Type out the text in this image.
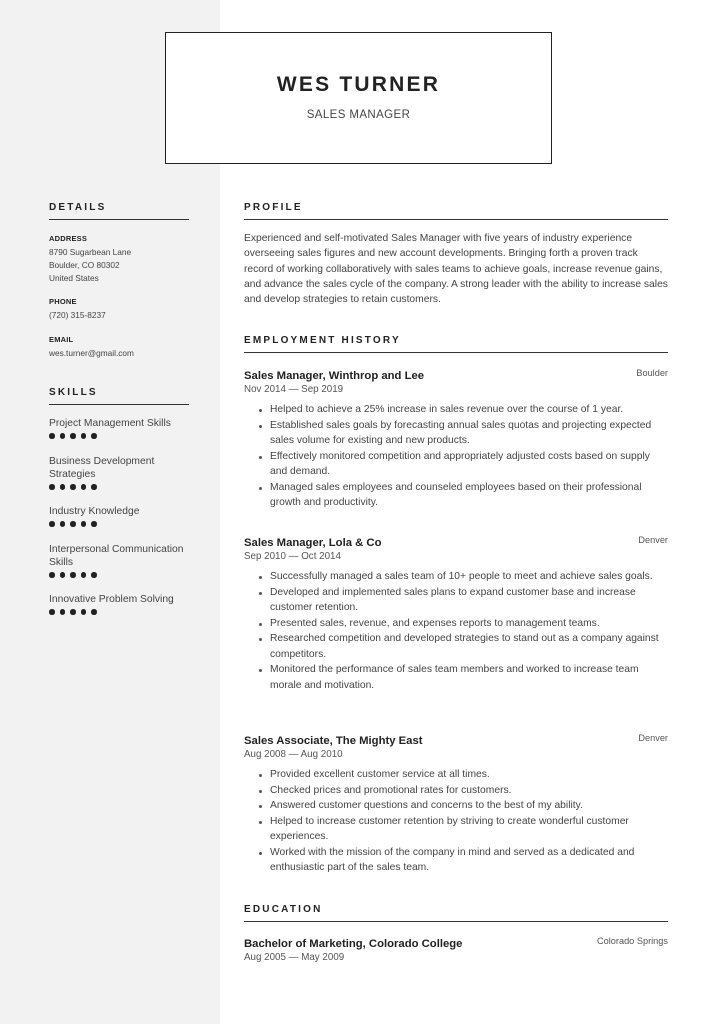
WES TURNER
SALES MANAGER
DETAILS
ADDRESS
8790 Sugarbean Lane
Boulder, CO 80302
United States
PHONE
(720) 315-8237
EMAIL
wes.turner@gmail.com
SKILLS
Project Management Skills
Business Development Strategies
Industry Knowledge
Interpersonal Communication Skills
Innovative Problem Solving
PROFILE
Experienced and self-motivated Sales Manager with five years of industry experience overseeing sales figures and new account developments. Bringing forth a proven track record of working collaboratively with sales teams to achieve goals, increase revenue gains, and advance the sales cycle of the company. A strong leader with the ability to increase sales and develop strategies to retain customers.
EMPLOYMENT HISTORY
Sales Manager, Winthrop and Lee	Boulder
Nov 2014 — Sep 2019
Helped to achieve a 25% increase in sales revenue over the course of 1 year.
Established sales goals by forecasting annual sales quotas and projecting expected sales volume for existing and new products.
Effectively monitored competition and appropriately adjusted costs based on supply and demand.
Managed sales employees and counseled employees based on their professional growth and productivity.
Sales Manager, Lola & Co	Denver
Sep 2010 — Oct 2014
Successfully managed a sales team of 10+ people to meet and achieve sales goals.
Developed and implemented sales plans to expand customer base and increase customer retention.
Presented sales, revenue, and expenses reports to management teams.
Researched competition and developed strategies to stand out as a company against competitors.
Monitored the performance of sales team members and worked to increase team morale and motivation.
Sales Associate, The Mighty East	Denver
Aug 2008 — Aug 2010
Provided excellent customer service at all times.
Checked prices and promotional rates for customers.
Answered customer questions and concerns to the best of my ability.
Helped to increase customer retention by striving to create wonderful customer experiences.
Worked with the mission of the company in mind and served as a dedicated and enthusiastic part of the sales team.
EDUCATION
Bachelor of Marketing, Colorado College	Colorado Springs
Aug 2005 — May 2009
